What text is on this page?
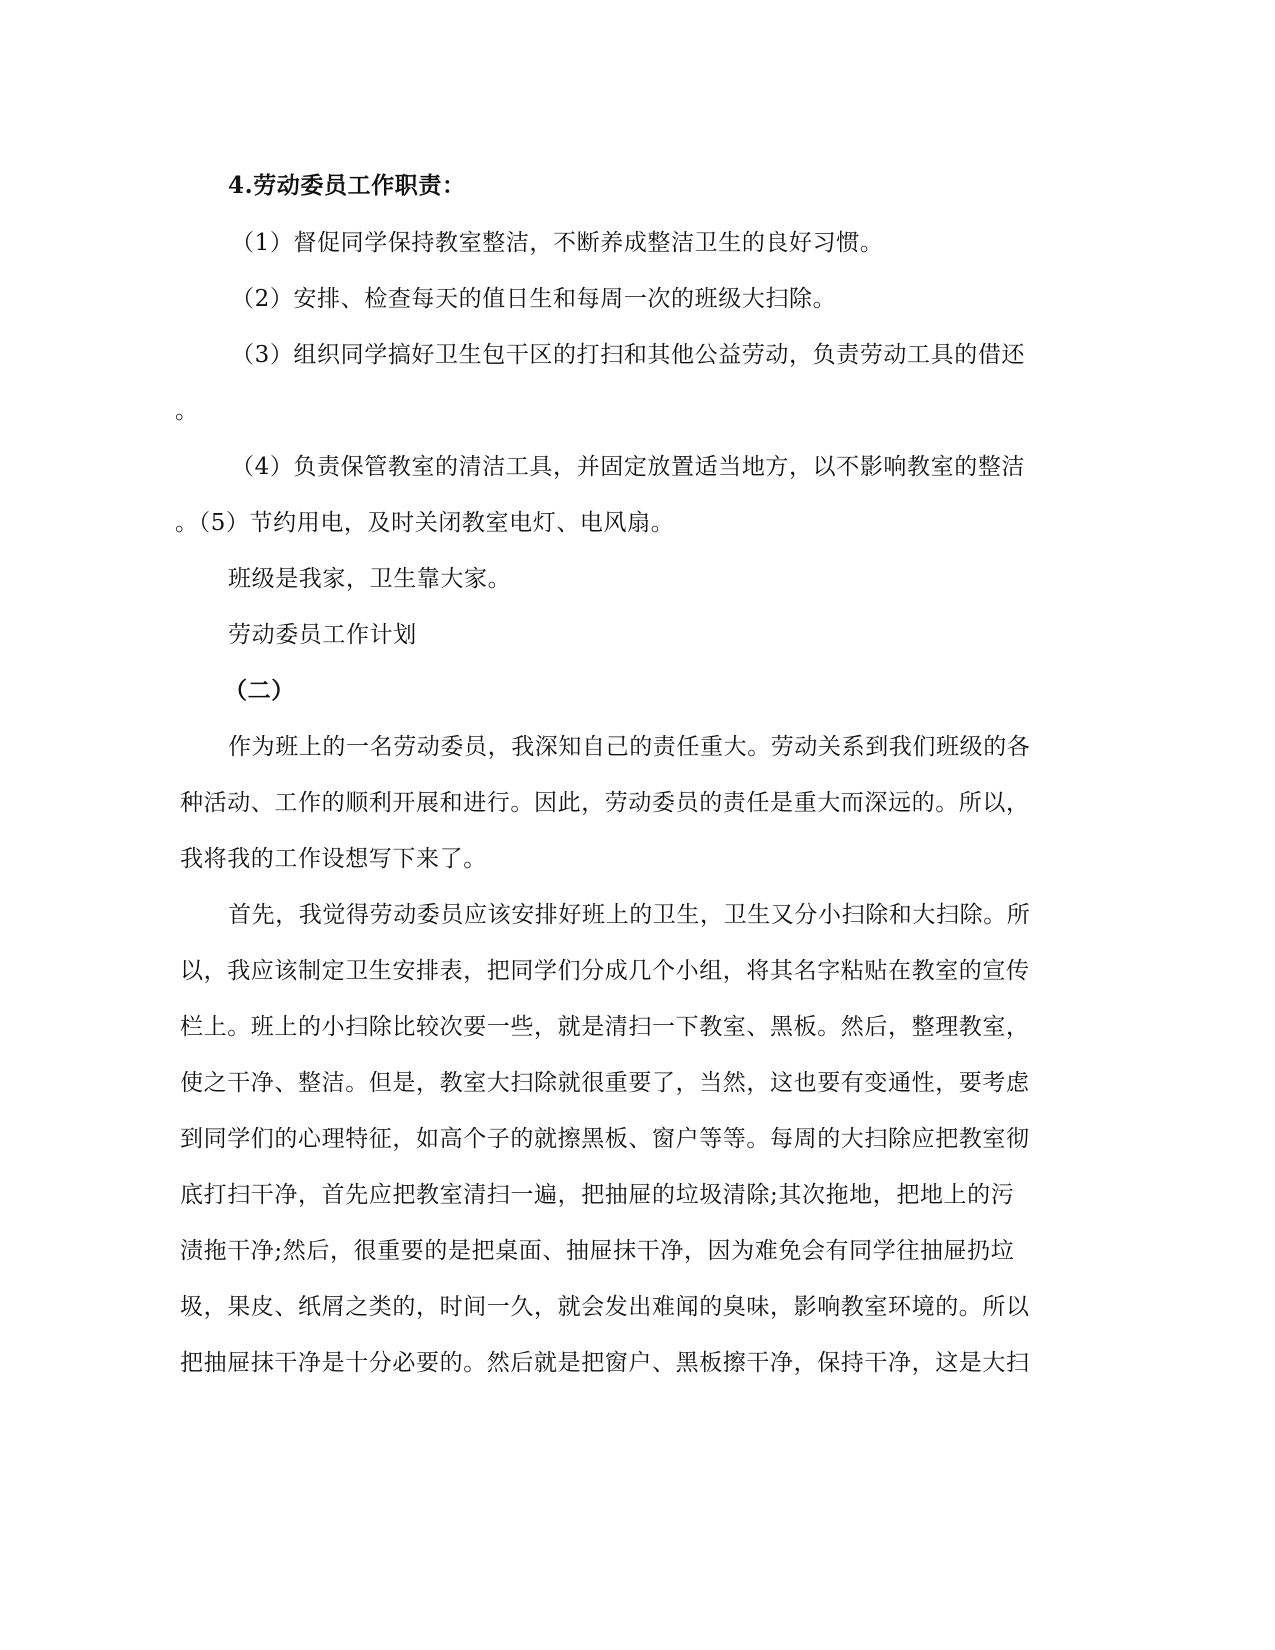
4.劳动委员工作职责：
（1）督促同学保持教室整洁，不断养成整洁卫生的良好习惯。
（2）安排、检查每天的值日生和每周一次的班级大扫除。
（3）组织同学搞好卫生包干区的打扫和其他公益劳动，负责劳动工具的借还
。
（4）负责保管教室的清洁工具，并固定放置适当地方，以不影响教室的整洁
。（5）节约用电，及时关闭教室电灯、电风扇。
班级是我家，卫生靠大家。
劳动委员工作计划
（二）
作为班上的一名劳动委员，我深知自己的责任重大。劳动关系到我们班级的各
种活动、工作的顺利开展和进行。因此，劳动委员的责任是重大而深远的。所以，
我将我的工作设想写下来了。
首先，我觉得劳动委员应该安排好班上的卫生，卫生又分小扫除和大扫除。所
以，我应该制定卫生安排表，把同学们分成几个小组，将其名字粘贴在教室的宣传
栏上。班上的小扫除比较次要一些，就是清扫一下教室、黑板。然后，整理教室，
使之干净、整洁。但是，教室大扫除就很重要了，当然，这也要有变通性，要考虑
到同学们的心理特征，如高个子的就擦黑板、窗户等等。每周的大扫除应把教室彻
底打扫干净，首先应把教室清扫一遍，把抽屉的垃圾清除;其次拖地，把地上的污
渍拖干净;然后，很重要的是把桌面、抽屉抹干净，因为难免会有同学往抽屉扔垃
圾，果皮、纸屑之类的，时间一久，就会发出难闻的臭味，影响教室环境的。所以
把抽屉抹干净是十分必要的。然后就是把窗户、黑板擦干净，保持干净，这是大扫
